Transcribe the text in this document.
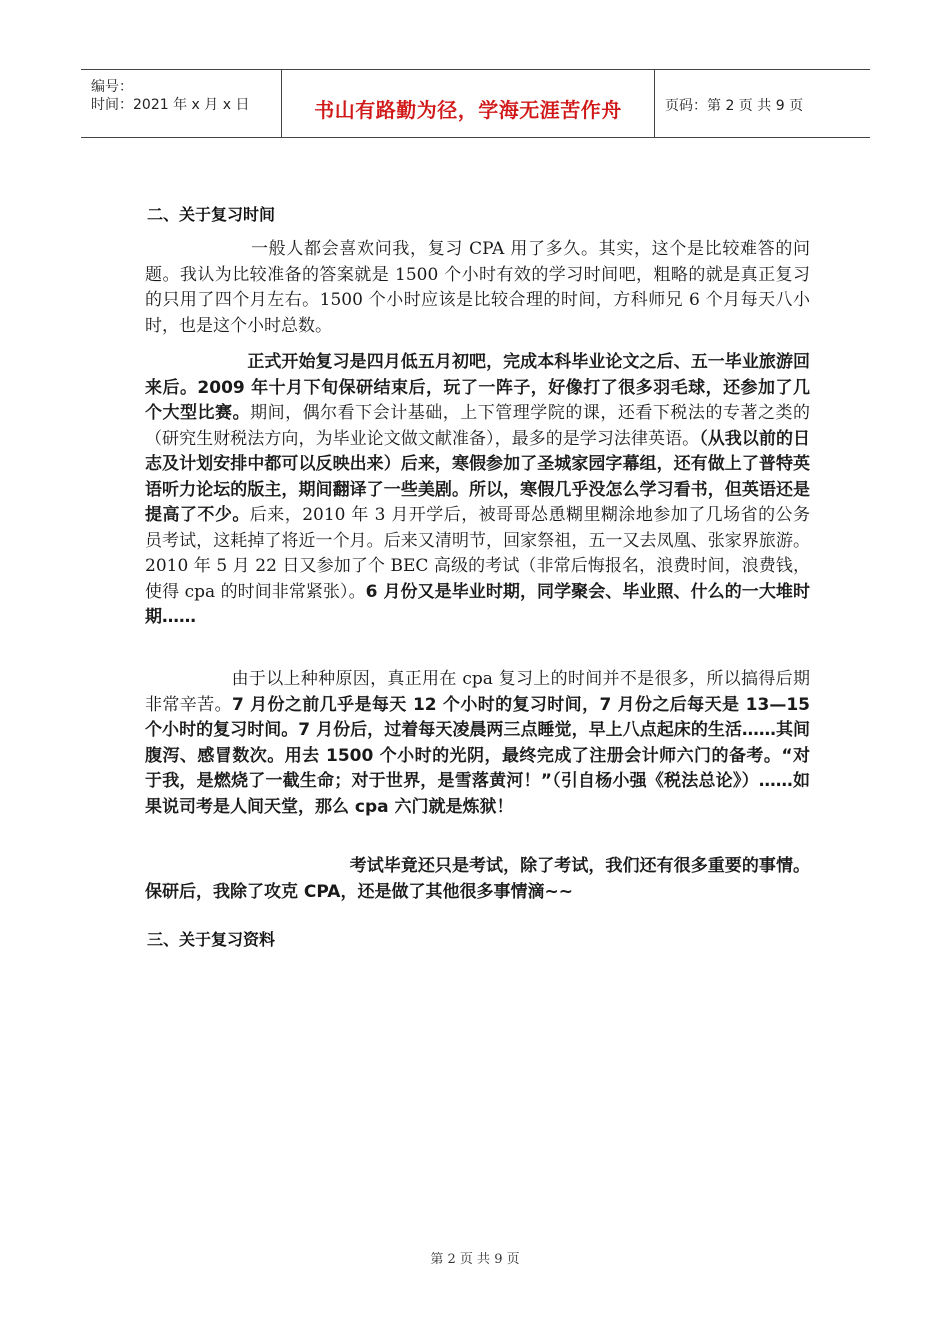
编号：
时间：2021 年 x 月 x 日	书山有路勤为径，学海无涯苦作舟	页码：第 2 页 共 9 页
二、关于复习时间

　　　　　　一般人都会喜欢问我，复习 CPA 用了多久。其实，这个是比较难答的问题。我认为比较准备的答案就是 1500 个小时有效的学习时间吧，粗略的就是真正复习的只用了四个月左右。1500 个小时应该是比较合理的时间，方科师兄 6 个月每天八小时，也是这个小时总数。

　　　　　　正式开始复习是四月低五月初吧，完成本科毕业论文之后、五一毕业旅游回来后。2009 年十月下旬保研结束后，玩了一阵子，好像打了很多羽毛球，还参加了几个大型比赛。期间，偶尔看下会计基础，上下管理学院的课，还看下税法的专著之类的（研究生财税法方向，为毕业论文做文献准备），最多的是学习法律英语。（从我以前的日志及计划安排中都可以反映出来）后来，寒假参加了圣城家园字幕组，还有做上了普特英语听力论坛的版主，期间翻译了一些美剧。所以，寒假几乎没怎么学习看书，但英语还是提高了不少。后来，2010 年 3 月开学后，被哥哥怂恿糊里糊涂地参加了几场省的公务员考试，这耗掉了将近一个月。后来又清明节，回家祭祖，五一又去凤凰、张家界旅游。2010 年 5 月 22 日又参加了个 BEC 高级的考试（非常后悔报名，浪费时间，浪费钱，使得 cpa 的时间非常紧张）。6 月份又是毕业时期，同学聚会、毕业照、什么的一大堆时期……

　　　　　由于以上种种原因，真正用在 cpa 复习上的时间并不是很多，所以搞得后期非常辛苦。7 月份之前几乎是每天 12 个小时的复习时间，7 月份之后每天是 13—15 个小时的复习时间。7 月份后，过着每天凌晨两三点睡觉，早上八点起床的生活……其间腹泻、感冒数次。用去 1500 个小时的光阴，最终完成了注册会计师六门的备考。“对于我，是燃烧了一截生命；对于世界，是雪落黄河！”（引自杨小强《税法总论》）……如果说司考是人间天堂，那么 cpa 六门就是炼狱！

　　　　　　　　　　　　考试毕竟还只是考试，除了考试，我们还有很多重要的事情。保研后，我除了攻克 CPA，还是做了其他很多事情滴~~

三、关于复习资料
第 2 页 共 9 页
